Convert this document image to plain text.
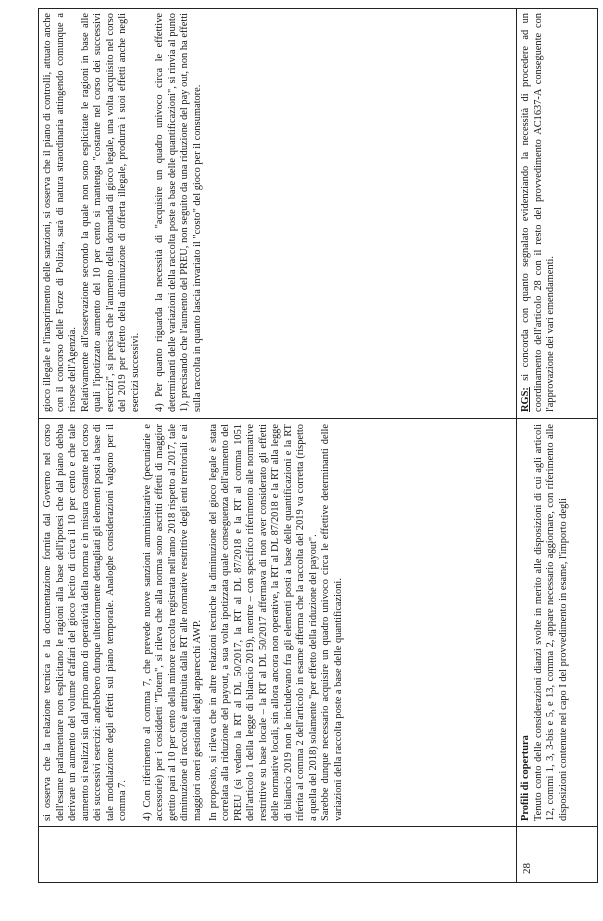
si osserva che la relazione tecnica e la documentazione fornita dal Governo nel corso dell'esame parlamentare non esplicitano le ragioni alla base dell'ipotesi che dal piano debba derivare un aumento del volume d'affari del gioco lecito di circa il 10 per cento e che tale aumento si realizzi sin dal primo anno di operatività della norma e in misura costante nel corso dei successivi esercizi: andrebbero dunque ulteriormente dettagliati gli elementi posti a base di tale modulazione degli effetti sul piano temporale. Analoghe considerazioni valgono per il comma 7. 4) Con riferimento al comma 7, che prevede nuove sanzioni amministrative (pecuniarie e accessorie) per i cosiddetti "Totem", si rileva che alla norma sono ascritti effetti di maggior gettito pari al 10 per cento della minore raccolta registrata nell'anno 2018 rispetto al 2017, tale diminuzione di raccolta è attribuita dalla RT alle normative restrittive degli enti territoriali e ai maggiori oneri gestionali degli apparecchi AWP. In proposito, si rileva che in altre relazioni tecniche la diminuzione del gioco legale è stata correlata alla riduzione del payout, a sua volta ipotizzata quale conseguenza dell'aumento del PREU (si vedano la RT al DL 50/2017, la RT al DL 87/2018 e la RT al comma 1051 dell'articolo 1 della legge di bilancio 2019), mentre – con specifico riferimento alle normative restrittive su base locale – la RT al DL 50/2017 affermava di non aver considerato gli effetti delle normative locali, sin allora ancora non operative, la RT al DL 87/2018 e la RT alla legge di bilancio 2019 non le includevano fra gli elementi posti a base delle quantificazioni e la RT riferita al comma 2 dell'articolo in esame afferma che la raccolta del 2019 va corretta (rispetto a quella del 2018) solamente "per effetto della riduzione del payout". Sarebbe dunque necessario acquisire un quadro univoco circa le effettive determinanti delle variazioni della raccolta poste a base delle quantificazioni.

gioco illegale e l'inasprimento delle sanzioni, si osserva che il piano di controlli, attuato anche con il concorso delle Forze di Polizia, sarà di natura straordinaria attingendo comunque a risorse dell'Agenzia. Relativamente all'osservazione secondo la quale non sono esplicitate le ragioni in base alle quali l'ipotizzato aumento del 10 per cento si mantenga "costante nel corso dei successivi esercizi", si precisa che l'aumento della domanda di gioco legale, una volta acquisito nel corso del 2019 per effetto della diminuzione di offerta illegale, produrrà i suoi effetti anche negli esercizi successivi. 4) Per quanto riguarda la necessità di "acquisire un quadro univoco circa le effettive determinanti delle variazioni della raccolta poste a base delle quantificazioni", si rinvia al punto 1), precisando che l'aumento del PREU, non seguito da una riduzione del pay out, non ha effetti sulla raccolta in quanto lascia invariato il "costo" del gioco per il consumatore.

28
Profili di copertura Tenuto conto delle considerazioni dianzi svolte in merito alle disposizioni di cui agli articoli 12, commi 1, 3, 3-bis e 5, e 13, comma 2, appare necessario aggiornare, con riferimento alle disposizioni contenute nel capo I del provvedimento in esame, l'importo degli
RGS: si concorda con quanto segnalato evidenziando la necessità di procedere ad un coordinamento dell'articolo 28 con il resto del provvedimento AC1637-A conseguente con l'approvazione dei vari emendamenti.
